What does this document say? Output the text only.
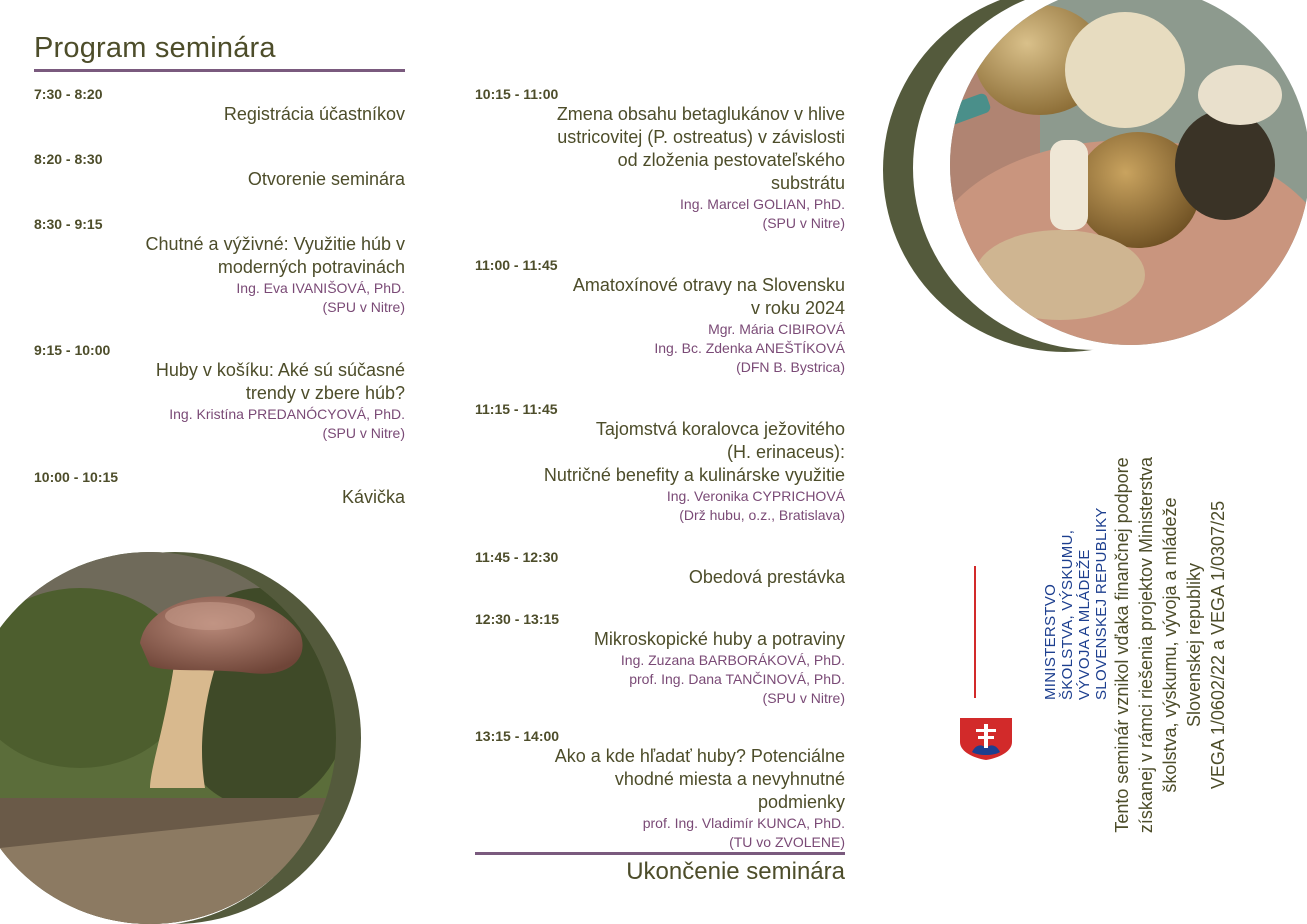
Program seminára
7:30 - 8:20
Registrácia účastníkov
8:20 - 8:30
Otvorenie seminára
8:30 - 9:15
Chutné a výživné: Využitie húb v
moderných potravinách
Ing. Eva IVANIŠOVÁ, PhD.
(SPU v Nitre)
9:15 - 10:00
Huby v košíku: Aké sú súčasné
trendy v zbere húb?
Ing. Kristína PREDANÓCYOVÁ, PhD.
(SPU v Nitre)
10:00 - 10:15
Kávička
10:15 - 11:00
Zmena obsahu betaglukánov v hlive
ustricovitej (P. ostreatus) v závislosti
od zloženia pestovateľského
substrátu
Ing. Marcel GOLIAN, PhD.
(SPU v Nitre)
11:00 - 11:45
Amatoxínové otravy na Slovensku
v roku 2024
Mgr. Mária CIBIROVÁ
Ing. Bc. Zdenka ANEŠTÍKOVÁ
(DFN B. Bystrica)
11:15 - 11:45
Tajomstvá koralovca ježovitého
(H. erinaceus):
Nutričné benefity a kulinárske využitie
Ing. Veronika CYPRICHOVÁ
(Drž hubu, o.z., Bratislava)
11:45 - 12:30
Obedová prestávka
12:30 - 13:15
Mikroskopické huby a potraviny
Ing. Zuzana BARBORÁKOVÁ, PhD.
prof. Ing. Dana TANČINOVÁ, PhD.
(SPU v Nitre)
13:15 - 14:00
Ako a kde hľadať huby? Potenciálne
vhodné miesta a nevyhnutné
podmienky
prof. Ing. Vladimír KUNCA, PhD.
(TU vo ZVOLENE)
Ukončenie seminára
MINISTERSTVO ŠKOLSTVA, VÝSKUMU, VÝVOJA A MLÁDEŽE SLOVENSKEJ REPUBLIKY Tento seminár vznikol vďaka finančnej podpore získanej v rámci riešenia projektov Ministerstva školstva, výskumu, vývoja a mládeže Slovenskej republiky VEGA 1/0602/22 a VEGA 1/0307/25
